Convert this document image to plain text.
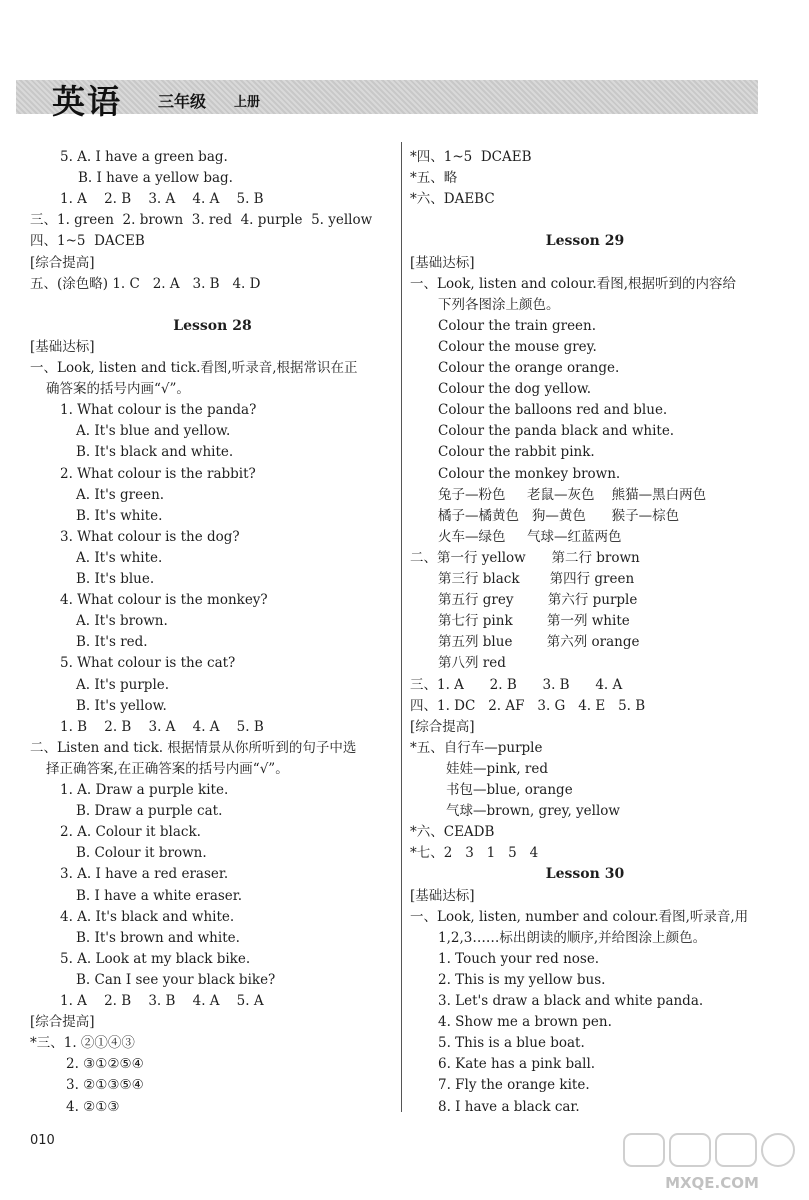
英语 三年级 上册
5. A. I have a green bag.
B. I have a yellow bag.
1. A    2. B    3. A    4. A    5. B
三、1. green  2. brown  3. red  4. purple  5. yellow
四、1~5  DACEB
[综合提高]
五、(涂色略) 1. C   2. A   3. B   4. D
Lesson 28
[基础达标]
一、Look, listen and tick.看图,听录音,根据常识在正
确答案的括号内画“√”。
1. What colour is the panda?
A. It's blue and yellow.
B. It's black and white.
2. What colour is the rabbit?
A. It's green.
B. It's white.
3. What colour is the dog?
A. It's white.
B. It's blue.
4. What colour is the monkey?
A. It's brown.
B. It's red.
5. What colour is the cat?
A. It's purple.
B. It's yellow.
1. B    2. B    3. A    4. A    5. B
二、Listen and tick. 根据情景从你所听到的句子中选
择正确答案,在正确答案的括号内画“√”。
1. A. Draw a purple kite.
B. Draw a purple cat.
2. A. Colour it black.
B. Colour it brown.
3. A. I have a red eraser.
B. I have a white eraser.
4. A. It's black and white.
B. It's brown and white.
5. A. Look at my black bike.
B. Can I see your black bike?
1. A    2. B    3. B    4. A    5. A
[综合提高]
*三、1. ②①④③
2. ③①②⑤④
3. ②①③⑤④
4. ②①③
*四、1~5  DCAEB
*五、略
*六、DAEBC
Lesson 29
[基础达标]
一、Look, listen and colour.看图,根据听到的内容给
下列各图涂上颜色。
Colour the train green.
Colour the mouse grey.
Colour the orange orange.
Colour the dog yellow.
Colour the balloons red and blue.
Colour the panda black and white.
Colour the rabbit pink.
Colour the monkey brown.
兔子—粉色     老鼠—灰色    熊猫—黑白两色
橘子—橘黄色   狗—黄色      猴子—棕色
火车—绿色     气球—红蓝两色
二、第一行 yellow      第二行 brown
第三行 black       第四行 green
第五行 grey        第六行 purple
第七行 pink        第一列 white
第五列 blue        第六列 orange
第八列 red
三、1. A      2. B      3. B      4. A
四、1. DC   2. AF   3. G   4. E   5. B
[综合提高]
*五、自行车—purple
娃娃—pink, red
书包—blue, orange
气球—brown, grey, yellow
*六、CEADB
*七、2   3   1   5   4
Lesson 30
[基础达标]
一、Look, listen, number and colour.看图,听录音,用
1,2,3……标出朗读的顺序,并给图涂上颜色。
1. Touch your red nose.
2. This is my yellow bus.
3. Let's draw a black and white panda.
4. Show me a brown pen.
5. This is a blue boat.
6. Kate has a pink ball.
7. Fly the orange kite.
8. I have a black car.
010
MXQE.COM
